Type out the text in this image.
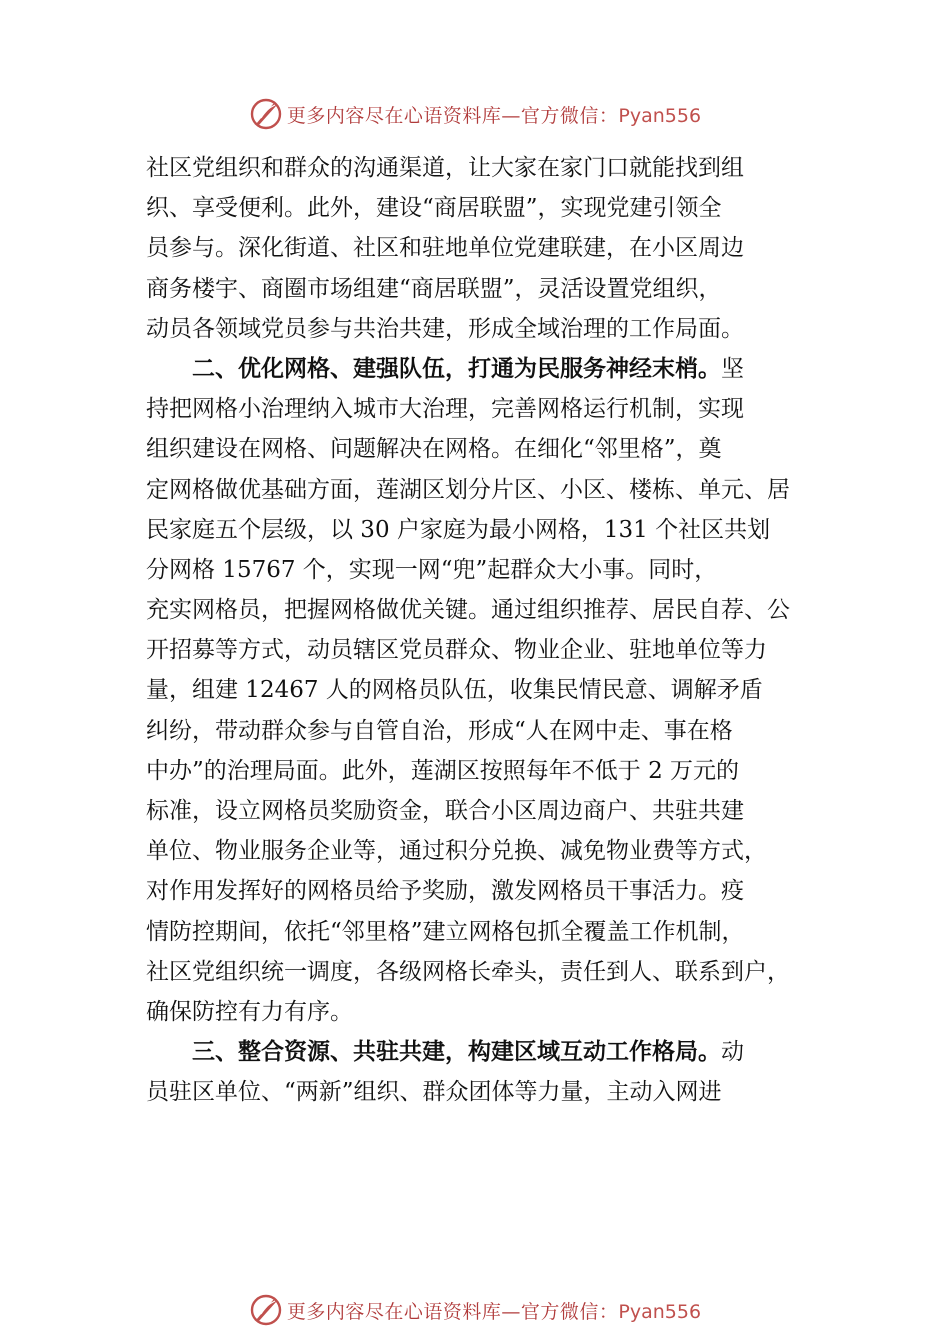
更多内容尽在心语资料库—官方微信：Pyan556
社区党组织和群众的沟通渠道，让大家在家门口就能找到组
织、享受便利。此外，建设“商居联盟”，实现党建引领全
员参与。深化街道、社区和驻地单位党建联建，在小区周边
商务楼宇、商圈市场组建“商居联盟”，灵活设置党组织，
动员各领域党员参与共治共建，形成全域治理的工作局面。
二、优化网格、建强队伍，打通为民服务神经末梢。坚
持把网格小治理纳入城市大治理，完善网格运行机制，实现
组织建设在网格、问题解决在网格。在细化“邻里格”，奠
定网格做优基础方面，莲湖区划分片区、小区、楼栋、单元、居
民家庭五个层级，以 30 户家庭为最小网格，131 个社区共划
分网格 15767 个，实现一网“兜”起群众大小事。同时，
充实网格员，把握网格做优关键。通过组织推荐、居民自荐、公
开招募等方式，动员辖区党员群众、物业企业、驻地单位等力
量，组建 12467 人的网格员队伍，收集民情民意、调解矛盾
纠纷，带动群众参与自管自治，形成“人在网中走、事在格
中办”的治理局面。此外，莲湖区按照每年不低于 2 万元的
标准，设立网格员奖励资金，联合小区周边商户、共驻共建
单位、物业服务企业等，通过积分兑换、减免物业费等方式，
对作用发挥好的网格员给予奖励，激发网格员干事活力。疫
情防控期间，依托“邻里格”建立网格包抓全覆盖工作机制，
社区党组织统一调度，各级网格长牵头，责任到人、联系到户，
确保防控有力有序。
三、整合资源、共驻共建，构建区域互动工作格局。动
员驻区单位、“两新”组织、群众团体等力量，主动入网进
更多内容尽在心语资料库—官方微信：Pyan556
